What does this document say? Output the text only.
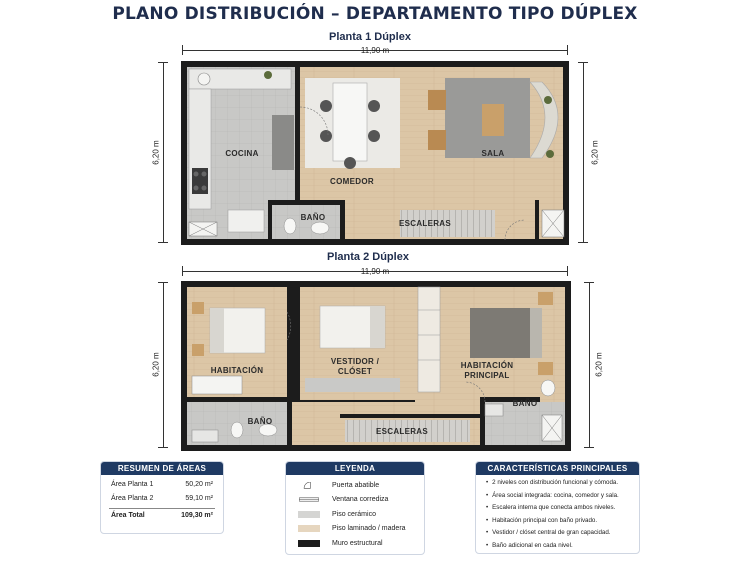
PLANO DISTRIBUCIÓN – DEPARTAMENTO TIPO DÚPLEX
Planta 1 Dúplex
11,90 m
6,20 m	6,20 m
COCINA
COMEDOR
SALA
BAÑO
ESCALERAS
Planta 2 Dúplex
11,90 m
6,20 m	6,20 m
HABITACIÓN
VESTIDOR /
CLÓSET
HABITACIÓN
PRINCIPAL
BAÑO
BAÑO
ESCALERAS
RESUMEN DE ÁREAS
Área Planta 1	50,20 m²
Área Planta 2	59,10 m²
Área Total	109,30 m²
LEYENDA
Puerta abatible
Ventana corrediza
Piso cerámico
Piso laminado / madera
Muro estructural
CARACTERÍSTICAS PRINCIPALES
• 2 niveles con distribución funcional y cómoda.
• Área social integrada: cocina, comedor y sala.
• Escalera interna que conecta ambos niveles.
• Habitación principal con baño privado.
• Vestidor / clóset central de gran capacidad.
• Baño adicional en cada nivel.
